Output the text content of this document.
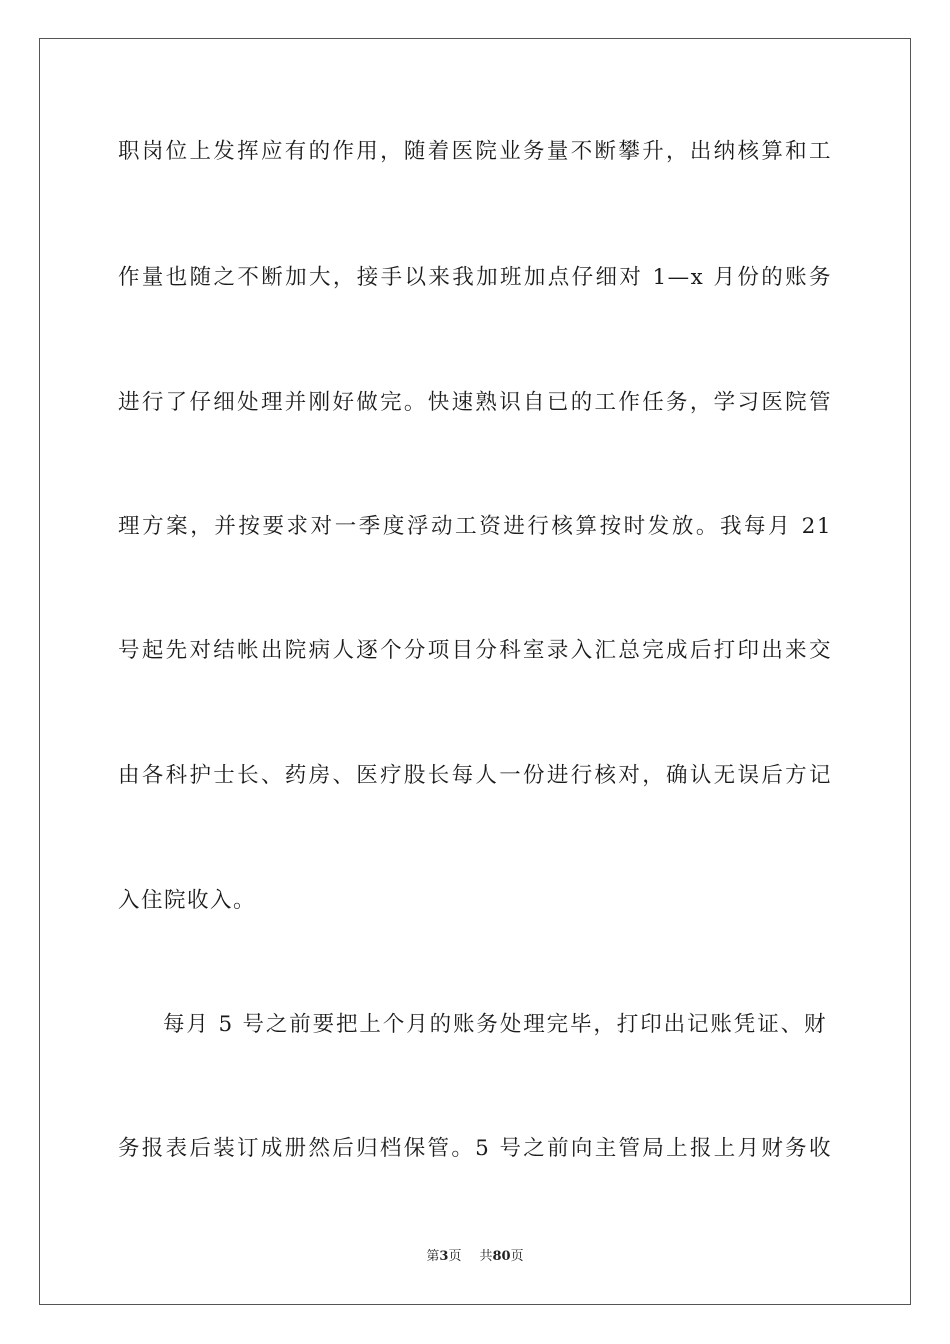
职岗位上发挥应有的作用，随着医院业务量不断攀升，出纳核算和工
作量也随之不断加大，接手以来我加班加点仔细对 1—x 月份的账务
进行了仔细处理并刚好做完。快速熟识自已的工作任务，学习医院管
理方案，并按要求对一季度浮动工资进行核算按时发放。我每月 21
号起先对结帐出院病人逐个分项目分科室录入汇总完成后打印出来交
由各科护士长、药房、医疗股长每人一份进行核对，确认无误后方记
入住院收入。
每月 5 号之前要把上个月的账务处理完毕，打印出记账凭证、财
务报表后装订成册然后归档保管。5 号之前向主管局上报上月财务收
第3页 共80页
